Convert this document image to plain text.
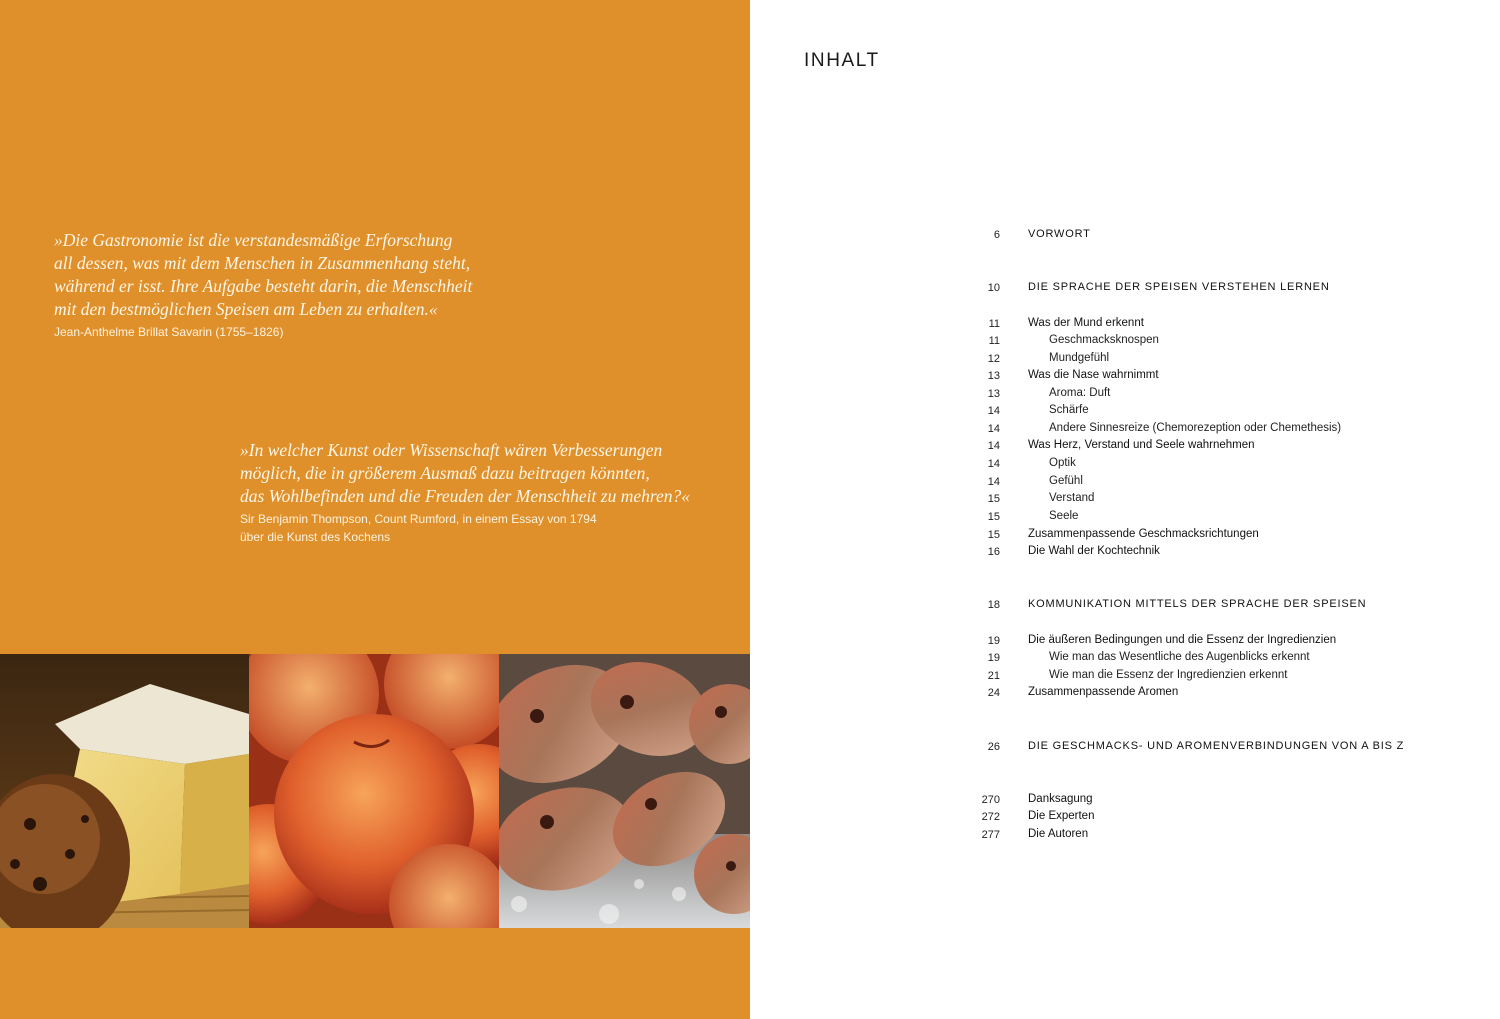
»Die Gastronomie ist die verstandesmäßige Erforschung
all dessen, was mit dem Menschen in Zusammenhang steht,
während er isst. Ihre Aufgabe besteht darin, die Menschheit
mit den bestmöglichen Speisen am Leben zu erhalten.«

Jean-Anthelme Brillat Savarin (1755–1826)

»In welcher Kunst oder Wissenschaft wären Verbesserungen
möglich, die in größerem Ausmaß dazu beitragen könnten,
das Wohlbefinden und die Freuden der Menschheit zu mehren?«

Sir Benjamin Thompson, Count Rumford, in einem Essay von 1794
über die Kunst des Kochens
INHALT
6	VORWORT
10	DIE SPRACHE DER SPEISEN VERSTEHEN LERNEN
11 Was der Mund erkennt
11	Geschmacksknospen
12	Mundgefühl
13 Was die Nase wahrnimmt
13	Aroma: Duft
14	Schärfe
14	Andere Sinnesreize (Chemorezeption oder Chemethesis)
14 Was Herz, Verstand und Seele wahrnehmen
14	Optik
14	Gefühl
15	Verstand
15	Seele
15 Zusammenpassende Geschmacksrichtungen
16 Die Wahl der Kochtechnik
18	KOMMUNIKATION MITTELS DER SPRACHE DER SPEISEN
19 Die äußeren Bedingungen und die Essenz der Ingredienzien
19	Wie man das Wesentliche des Augenblicks erkennt
21	Wie man die Essenz der Ingredienzien erkennt
24 Zusammenpassende Aromen
26	DIE GESCHMACKS- UND AROMENVERBINDUNGEN VON A BIS Z
270 Danksagung
272 Die Experten
277 Die Autoren
